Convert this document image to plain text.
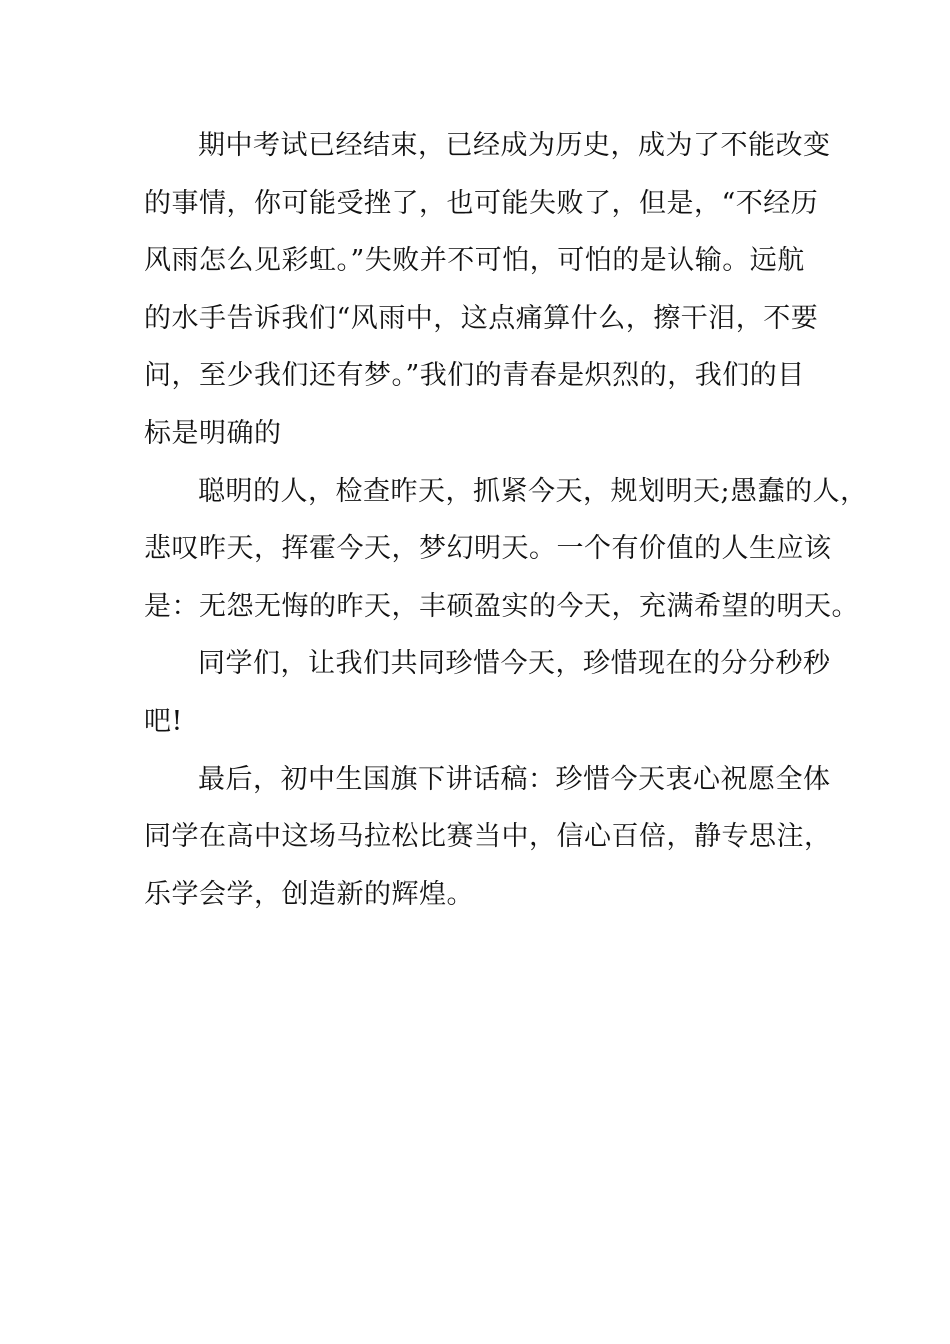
期中考试已经结束，已经成为历史，成为了不能改变
的事情，你可能受挫了，也可能失败了，但是，“不经历
风雨怎么见彩虹。”失败并不可怕，可怕的是认输。远航
的水手告诉我们“风雨中，这点痛算什么，擦干泪，不要
问，至少我们还有梦。”我们的青春是炽烈的，我们的目
标是明确的
聪明的人，检查昨天，抓紧今天，规划明天;愚蠢的人，
悲叹昨天，挥霍今天，梦幻明天。一个有价值的人生应该
是：无怨无悔的昨天，丰硕盈实的今天，充满希望的明天。
同学们，让我们共同珍惜今天，珍惜现在的分分秒秒
吧!
最后，初中生国旗下讲话稿：珍惜今天衷心祝愿全体
同学在高中这场马拉松比赛当中，信心百倍，静专思注，
乐学会学，创造新的辉煌。
